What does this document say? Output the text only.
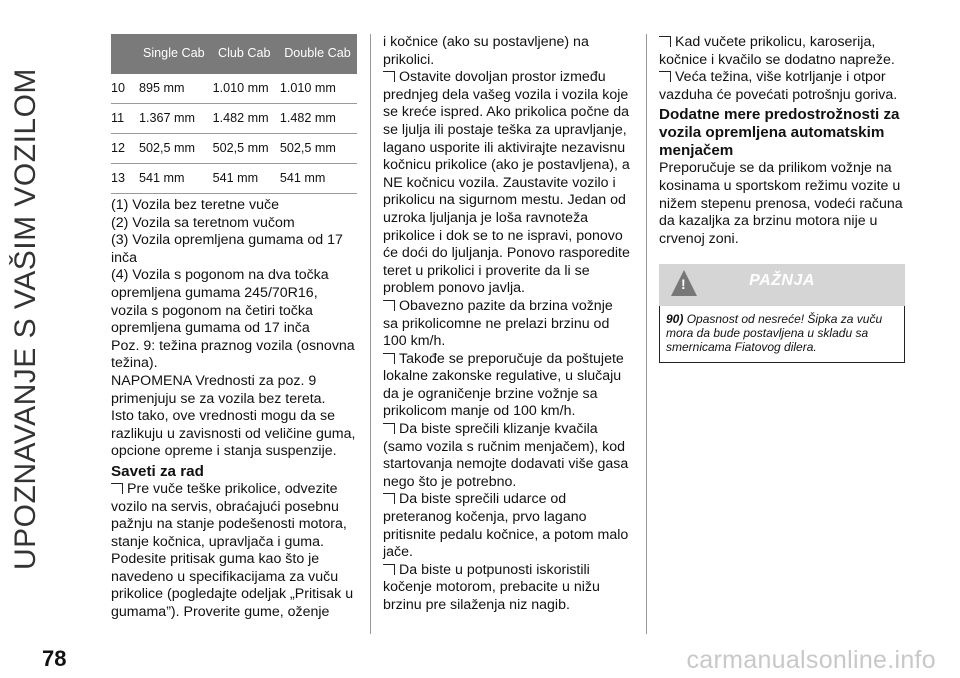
UPOZNAVANJE S VAŠIM VOZILOM
	Single Cab	Club Cab	Double Cab
10	895 mm	1.010 mm	1.010 mm
11	1.367 mm	1.482 mm	1.482 mm
12	502,5 mm	502,5 mm	502,5 mm
13	541 mm	541 mm	541 mm

(1) Vozila bez teretne vuče

(2) Vozila sa teretnom vučom

(3) Vozila opremljena gumama od 17 inča

(4) Vozila s pogonom na dva točka opremljena gumama 245/70R16, vozila s pogonom na četiri točka opremljena gumama od 17 inča

Poz. 9: težina praznog vozila (osnovna težina).

NAPOMENA Vrednosti za poz. 9 primenjuju se za vozila bez tereta.

Isto tako, ove vrednosti mogu da se razlikuju u zavisnosti od veličine guma, opcione opreme i stanja suspenzije.

Saveti za rad

Pre vuče teške prikolice, odvezite vozilo na servis, obraćajući posebnu pažnju na stanje podešenosti motora, stanje kočnica, upravljača i guma. Podesite pritisak guma kao što je navedeno u specifikacijama za vuču prikolice (pogledajte odeljak „Pritisak u gumama”). Proverite gume, oženje

i kočnice (ako su postavljene) na prikolici.

Ostavite dovoljan prostor između prednjeg dela vašeg vozila i vozila koje se kreće ispred. Ako prikolica počne da se ljulja ili postaje teška za upravljanje, lagano usporite ili aktivirajte nezavisnu kočnicu prikolice (ako je postavljena), a NE kočnicu vozila. Zaustavite vozilo i prikolicu na sigurnom mestu. Jedan od uzroka ljuljanja je loša ravnoteža prikolice i dok se to ne ispravi, ponovo će doći do ljuljanja. Ponovo rasporedite teret u prikolici i proverite da li se problem ponovo javlja.

Obavezno pazite da brzina vožnje sa prikolicomne ne prelazi brzinu od 100 km/h.

Takođe se preporučuje da poštujete lokalne zakonske regulative, u slučaju da je ograničenje brzine vožnje sa prikolicom manje od 100 km/h.

Da biste sprečili klizanje kvačila (samo vozila s ručnim menjačem), kod startovanja nemojte dodavati više gasa nego što je potrebno.

Da biste sprečili udarce od preteranog kočenja, prvo lagano pritisnite pedalu kočnice, a potom malo jače.

Da biste u potpunosti iskoristili kočenje motorom, prebacite u nižu brzinu pre silaženja niz nagib.

Kad vučete prikolicu, karoserija, kočnice i kvačilo se dodatno napreže.

Veća težina, više kotrljanje i otpor vazduha će povećati potrošnju goriva.

Dodatne mere predostrožnosti za vozila opremljena automatskim menjačem

Preporučuje se da prilikom vožnje na kosinama u sportskom režimu vozite u nižem stepenu prenosa, vodeći računa da kazaljka za brzinu motora nije u crvenoj zoni.

!	PAŽNJA
90) Opasnost od nesreće! Šipka za vuču mora da bude postavljena u skladu sa smernicama Fiatovog dilera.
78	carmanualsonline.info
